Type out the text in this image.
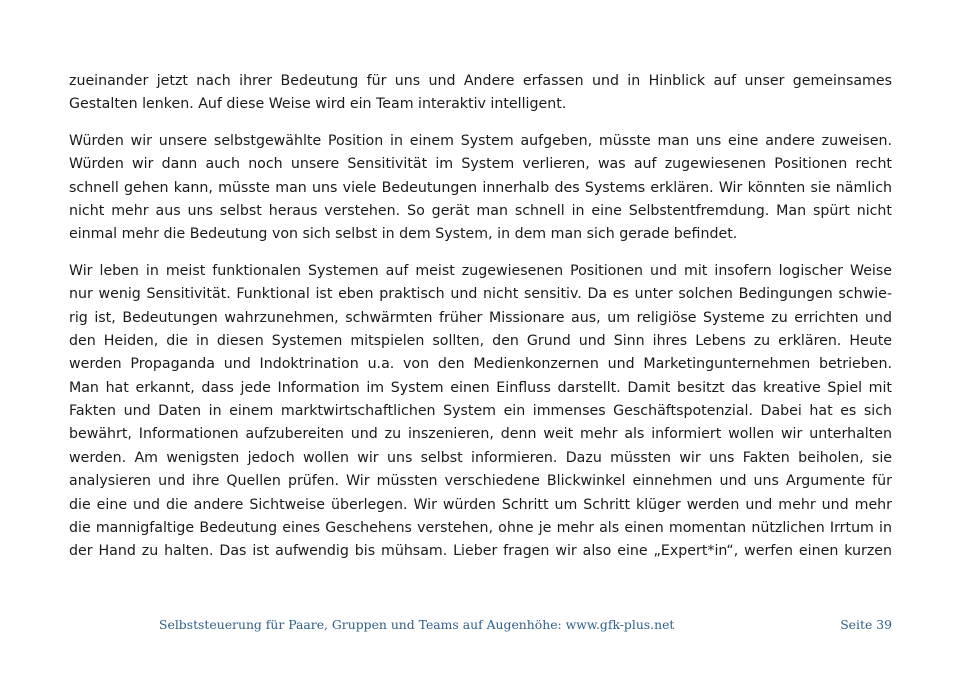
zueinander jetzt nach ihrer Bedeutung für uns und Andere erfassen und in Hinblick auf unser gemeinsames
Gestalten lenken. Auf diese Weise wird ein Team interaktiv intelligent.
Würden wir unsere selbstgewählte Position in einem System aufgeben, müsste man uns eine andere zuweisen.
Würden wir dann auch noch unsere Sensitivität im System verlieren, was auf zugewiesenen Positionen recht
schnell gehen kann, müsste man uns viele Bedeutungen innerhalb des Systems erklären. Wir könnten sie nämlich
nicht mehr aus uns selbst heraus verstehen. So gerät man schnell in eine Selbstentfremdung. Man spürt nicht
einmal mehr die Bedeutung von sich selbst in dem System, in dem man sich gerade befindet.
Wir leben in meist funktionalen Systemen auf meist zugewiesenen Positionen und mit insofern logischer Weise
nur wenig Sensitivität. Funktional ist eben praktisch und nicht sensitiv. Da es unter solchen Bedingungen schwie-
rig ist, Bedeutungen wahrzunehmen, schwärmten früher Missionare aus, um religiöse Systeme zu errichten und
den Heiden, die in diesen Systemen mitspielen sollten, den Grund und Sinn ihres Lebens zu erklären. Heute
werden Propaganda und Indoktrination u.a. von den Medienkonzernen und Marketingunternehmen betrieben.
Man hat erkannt, dass jede Information im System einen Einfluss darstellt. Damit besitzt das kreative Spiel mit
Fakten und Daten in einem marktwirtschaftlichen System ein immenses Geschäftspotenzial. Dabei hat es sich
bewährt, Informationen aufzubereiten und zu inszenieren, denn weit mehr als informiert wollen wir unterhalten
werden. Am wenigsten jedoch wollen wir uns selbst informieren. Dazu müssten wir uns Fakten beiholen, sie
analysieren und ihre Quellen prüfen. Wir müssten verschiedene Blickwinkel einnehmen und uns Argumente für
die eine und die andere Sichtweise überlegen. Wir würden Schritt um Schritt klüger werden und mehr und mehr
die mannigfaltige Bedeutung eines Geschehens verstehen, ohne je mehr als einen momentan nützlichen Irrtum in
der Hand zu halten. Das ist aufwendig bis mühsam. Lieber fragen wir also eine „Expert*in“, werfen einen kurzen
Selbststeuerung für Paare, Gruppen und Teams auf Augenhöhe: www.gfk-plus.net	Seite 39
